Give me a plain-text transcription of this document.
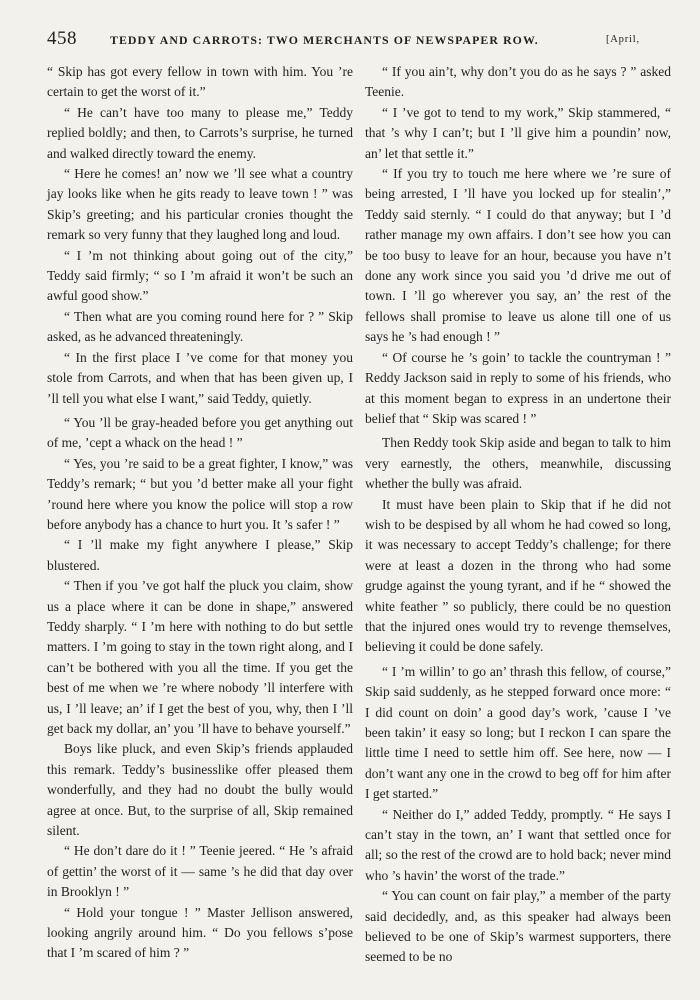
458	TEDDY AND CARROTS: TWO MERCHANTS OF NEWSPAPER ROW.	[April,

“ Skip has got every fellow in town with him. You ’re certain to get the worst of it.”

“ He can’t have too many to please me,” Teddy replied boldly; and then, to Carrots’s surprise, he turned and walked directly toward the enemy.

“ Here he comes! an’ now we ’ll see what a country jay looks like when he gits ready to leave town ! ” was Skip’s greeting; and his particular cronies thought the remark so very funny that they laughed long and loud.

“ I ’m not thinking about going out of the city,” Teddy said firmly; “ so I ’m afraid it won’t be such an awful good show.”

“ Then what are you coming round here for ? ” Skip asked, as he advanced threateningly.

“ In the first place I ’ve come for that money you stole from Carrots, and when that has been given up, I ’ll tell you what else I want,” said Teddy, quietly.

“ You ’ll be gray-headed before you get anything out of me, ’cept a whack on the head ! ”

“ Yes, you ’re said to be a great fighter, I know,” was Teddy’s remark; “ but you ’d better make all your fight ’round here where you know the police will stop a row before anybody has a chance to hurt you. It ’s safer ! ”

“ I ’ll make my fight anywhere I please,” Skip blustered.

“ Then if you ’ve got half the pluck you claim, show us a place where it can be done in shape,” answered Teddy sharply. “ I ’m here with nothing to do but settle matters. I ’m going to stay in the town right along, and I can’t be bothered with you all the time. If you get the best of me when we ’re where nobody ’ll interfere with us, I ’ll leave; an’ if I get the best of you, why, then I ’ll get back my dollar, an’ you ’ll have to behave yourself.”

Boys like pluck, and even Skip’s friends applauded this remark. Teddy’s businesslike offer pleased them wonderfully, and they had no doubt the bully would agree at once. But, to the surprise of all, Skip remained silent.

“ He don’t dare do it ! ” Teenie jeered. “ He ’s afraid of gettin’ the worst of it — same ’s he did that day over in Brooklyn ! ”

“ Hold your tongue ! ” Master Jellison answered, looking angrily around him. “ Do you fellows s’pose that I ’m scared of him ? ”

“ If you ain’t, why don’t you do as he says ? ” asked Teenie.

“ I ’ve got to tend to my work,” Skip stammered, “ that ’s why I can’t; but I ’ll give him a poundin’ now, an’ let that settle it.”

“ If you try to touch me here where we ’re sure of being arrested, I ’ll have you locked up for stealin’,” Teddy said sternly. “ I could do that anyway; but I ’d rather manage my own affairs. I don’t see how you can be too busy to leave for an hour, because you have n’t done any work since you said you ’d drive me out of town. I ’ll go wherever you say, an’ the rest of the fellows shall promise to leave us alone till one of us says he ’s had enough ! ”

“ Of course he ’s goin’ to tackle the countryman ! ” Reddy Jackson said in reply to some of his friends, who at this moment began to express in an undertone their belief that “ Skip was scared ! ”

Then Reddy took Skip aside and began to talk to him very earnestly, the others, meanwhile, discussing whether the bully was afraid.

It must have been plain to Skip that if he did not wish to be despised by all whom he had cowed so long, it was necessary to accept Teddy’s challenge; for there were at least a dozen in the throng who had some grudge against the young tyrant, and if he “ showed the white feather ” so publicly, there could be no question that the injured ones would try to revenge themselves, believing it could be done safely.

“ I ’m willin’ to go an’ thrash this fellow, of course,” Skip said suddenly, as he stepped forward once more: “ I did count on doin’ a good day’s work, ’cause I ’ve been takin’ it easy so long; but I reckon I can spare the little time I need to settle him off. See here, now — I don’t want any one in the crowd to beg off for him after I get started.”

“ Neither do I,” added Teddy, promptly. “ He says I can’t stay in the town, an’ I want that settled once for all; so the rest of the crowd are to hold back; never mind who ’s havin’ the worst of the trade.”

“ You can count on fair play,” a member of the party said decidedly, and, as this speaker had always been believed to be one of Skip’s warmest supporters, there seemed to be no
